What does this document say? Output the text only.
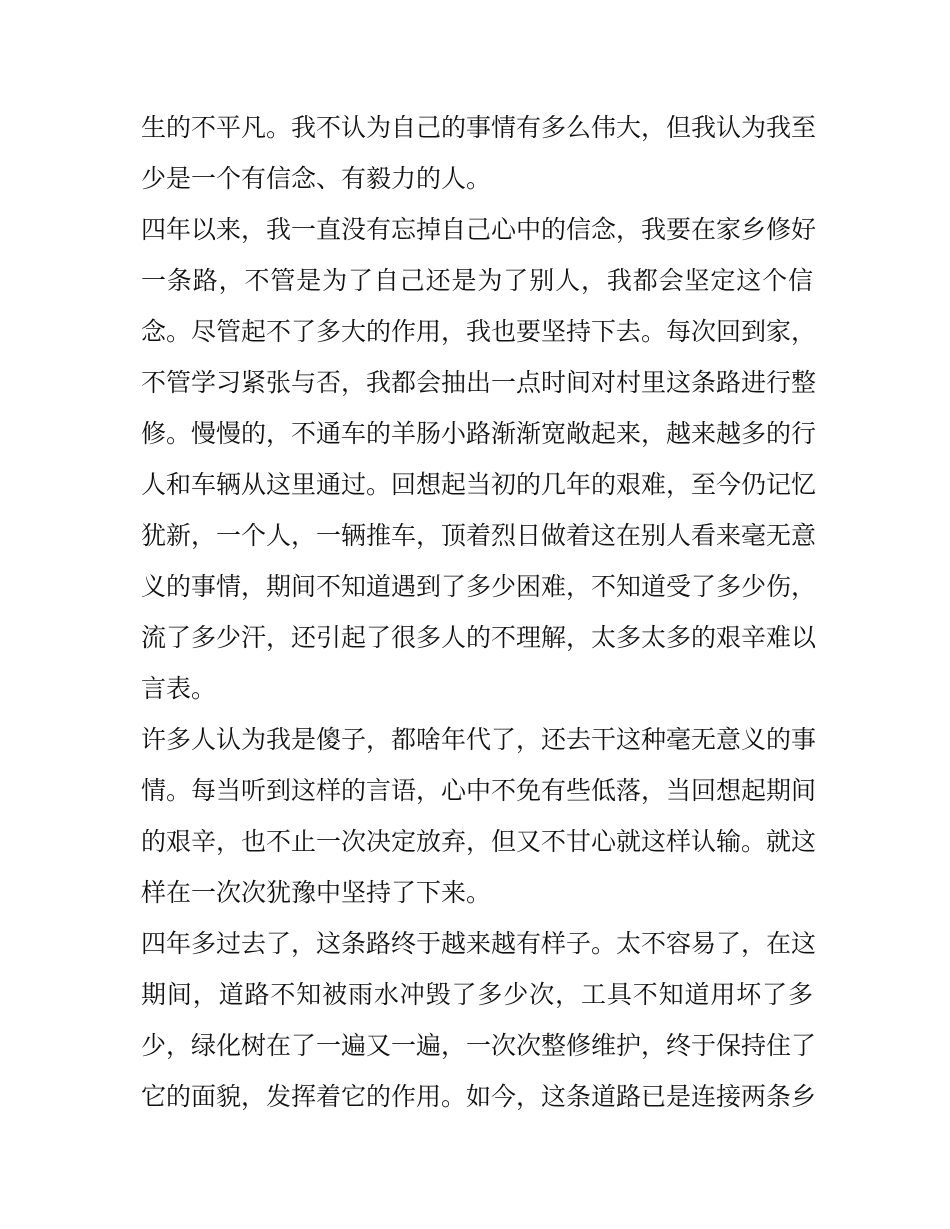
生的不平凡。我不认为自己的事情有多么伟大，但我认为我至
少是一个有信念、有毅力的人。
四年以来，我一直没有忘掉自己心中的信念，我要在家乡修好
一条路，不管是为了自己还是为了别人，我都会坚定这个信
念。尽管起不了多大的作用，我也要坚持下去。每次回到家，
不管学习紧张与否，我都会抽出一点时间对村里这条路进行整
修。慢慢的，不通车的羊肠小路渐渐宽敞起来，越来越多的行
人和车辆从这里通过。回想起当初的几年的艰难，至今仍记忆
犹新，一个人，一辆推车，顶着烈日做着这在别人看来毫无意
义的事情，期间不知道遇到了多少困难，不知道受了多少伤，
流了多少汗，还引起了很多人的不理解，太多太多的艰辛难以
言表。
许多人认为我是傻子，都啥年代了，还去干这种毫无意义的事
情。每当听到这样的言语，心中不免有些低落，当回想起期间
的艰辛，也不止一次决定放弃，但又不甘心就这样认输。就这
样在一次次犹豫中坚持了下来。
四年多过去了，这条路终于越来越有样子。太不容易了，在这
期间，道路不知被雨水冲毁了多少次，工具不知道用坏了多
少，绿化树在了一遍又一遍，一次次整修维护，终于保持住了
它的面貌，发挥着它的作用。如今，这条道路已是连接两条乡
